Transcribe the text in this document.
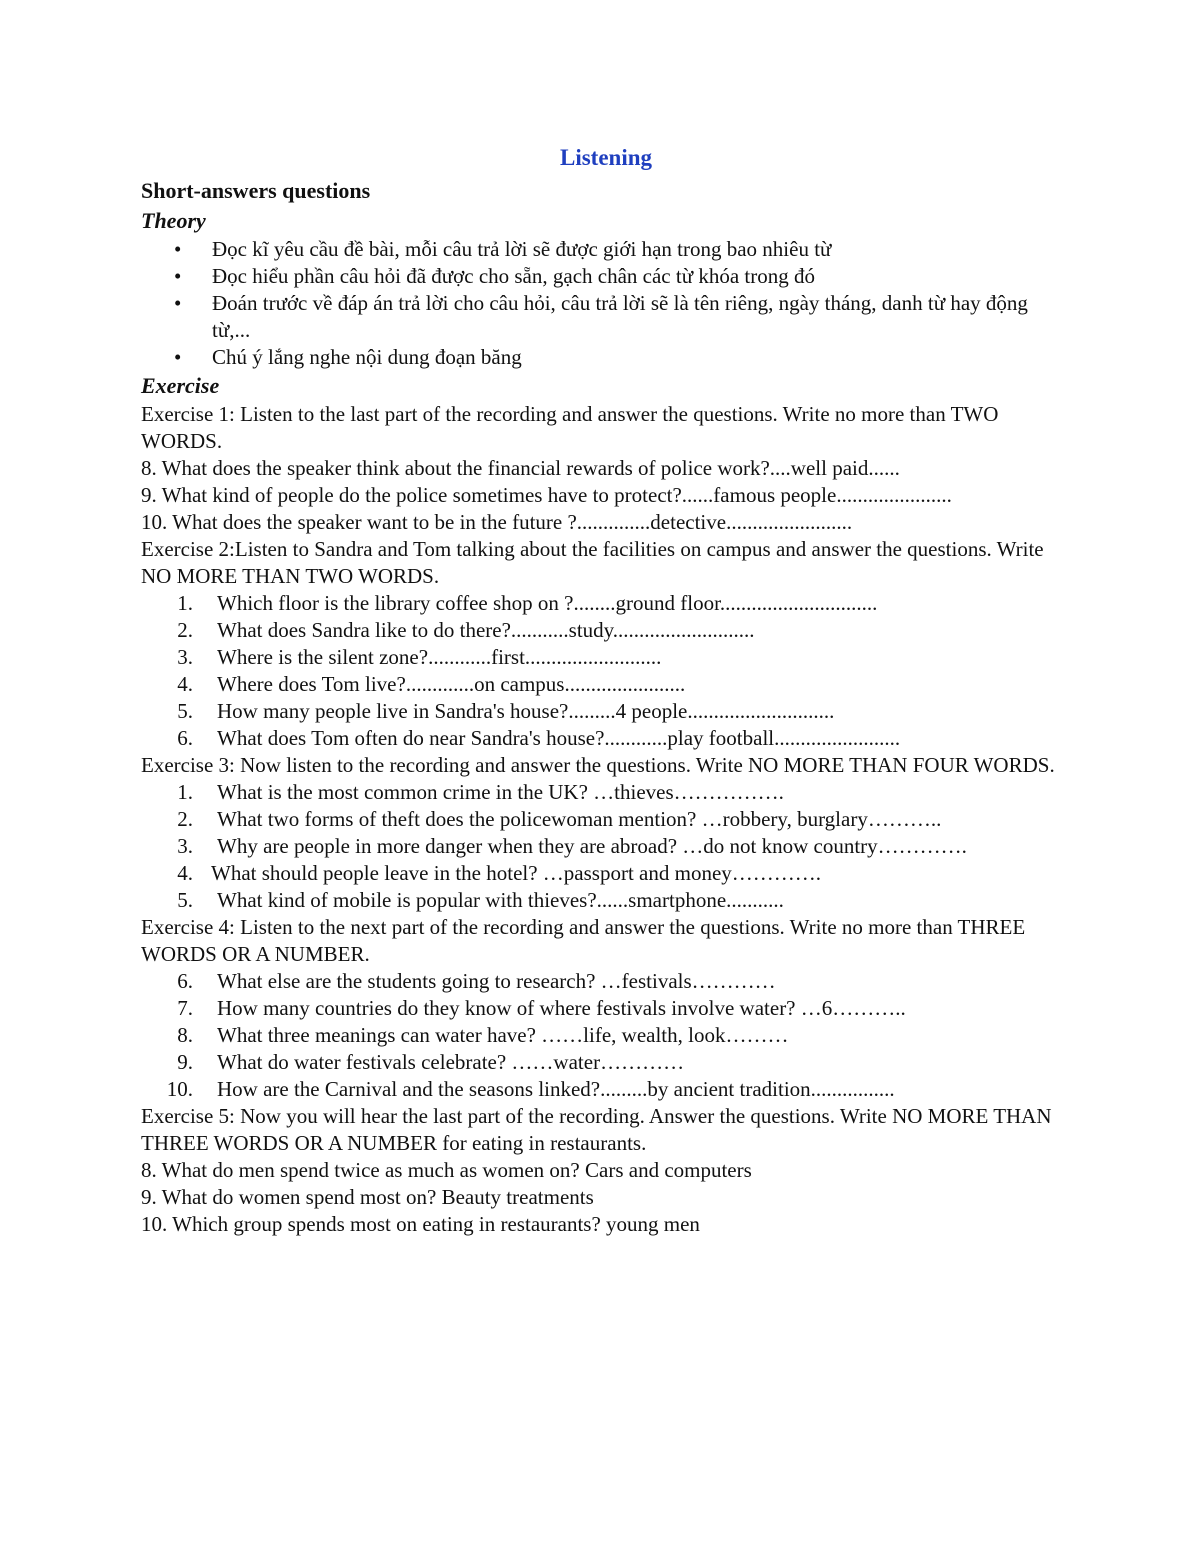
Listening
Short-answers questions
Theory
• Đọc kĩ yêu cầu đề bài, mỗi câu trả lời sẽ được giới hạn trong bao nhiêu từ
• Đọc hiểu phần câu hỏi đã được cho sẵn, gạch chân các từ khóa trong đó
• Đoán trước về đáp án trả lời cho câu hỏi, câu trả lời sẽ là tên riêng, ngày tháng, danh từ hay động từ,...
• Chú ý lắng nghe nội dung đoạn băng
Exercise

Exercise 1: Listen to the last part of the recording and answer the questions. Write no more than TWO WORDS.

8. What does the speaker think about the financial rewards of police work?....well paid......

9. What kind of people do the police sometimes have to protect?......famous people......................

10. What does the speaker want to be in the future ?..............detective........................

Exercise 2:Listen to Sandra and Tom talking about the facilities on campus and answer the questions. Write NO MORE THAN TWO WORDS.

1. Which floor is the library coffee shop on ?........ground floor..............................
2. What does Sandra like to do there?...........study...........................
3. Where is the silent zone?............first..........................
4. Where does Tom live?.............on campus.......................
5. How many people live in Sandra's house?.........4 people............................
6. What does Tom often do near Sandra's house?............play football........................

Exercise 3: Now listen to the recording and answer the questions. Write NO MORE THAN FOUR WORDS.

1. What is the most common crime in the UK? …thieves…………….
2. What two forms of theft does the policewoman mention? …robbery, burglary………..
3. Why are people in more danger when they are abroad? …do not know country………….
4. What should people leave in the hotel? …passport and money………….
5. What kind of mobile is popular with thieves?......smartphone...........

Exercise 4: Listen to the next part of the recording and answer the questions. Write no more than THREE WORDS OR A NUMBER.

6. What else are the students going to research? …festivals…………
7. How many countries do they know of where festivals involve water? …6………..
8. What three meanings can water have? ……life, wealth, look………
9. What do water festivals celebrate? ……water…………
10. How are the Carnival and the seasons linked?.........by ancient tradition................

Exercise 5: Now you will hear the last part of the recording. Answer the questions. Write NO MORE THAN THREE WORDS OR A NUMBER for eating in restaurants.

8. What do men spend twice as much as women on? Cars and computers

9. What do women spend most on? Beauty treatments

10. Which group spends most on eating in restaurants? young men
